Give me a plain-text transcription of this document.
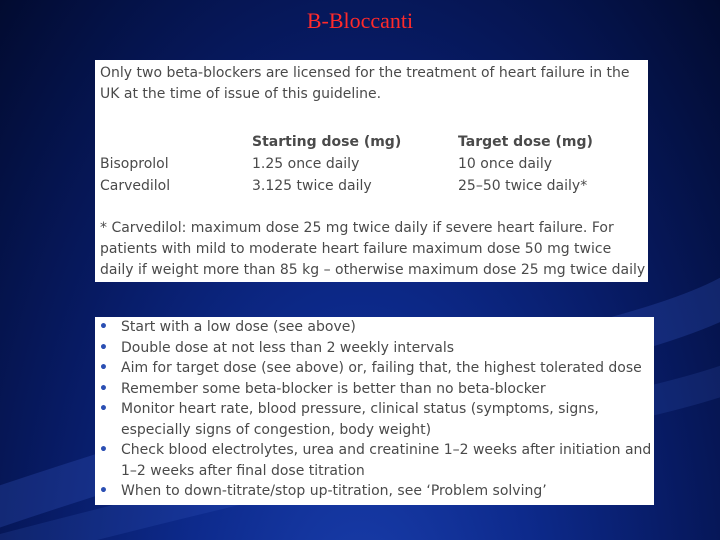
B-Bloccanti
Only two beta-blockers are licensed for the treatment of heart failure in the UK at the time of issue of this guideline.
	Starting dose (mg)	Target dose (mg)
Bisoprolol	1.25 once daily	10 once daily
Carvedilol	3.125 twice daily	25–50 twice daily*
* Carvedilol: maximum dose 25 mg twice daily if severe heart failure. For patients with mild to moderate heart failure maximum dose 50 mg twice daily if weight more than 85 kg – otherwise maximum dose 25 mg twice daily
• Start with a low dose (see above)
• Double dose at not less than 2 weekly intervals
• Aim for target dose (see above) or, failing that, the highest tolerated dose
• Remember some beta-blocker is better than no beta-blocker
• Monitor heart rate, blood pressure, clinical status (symptoms, signs, especially signs of congestion, body weight)
• Check blood electrolytes, urea and creatinine 1–2 weeks after initiation and 1–2 weeks after final dose titration
• When to down-titrate/stop up-titration, see ‘Problem solving’
